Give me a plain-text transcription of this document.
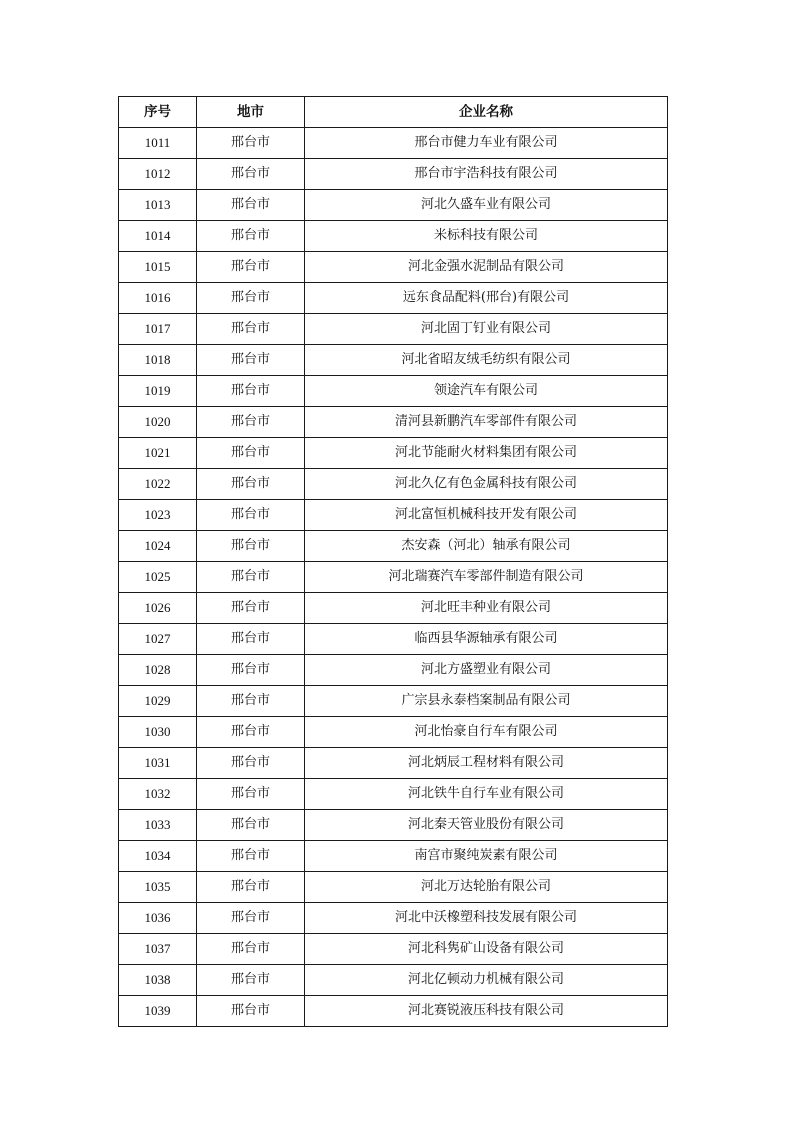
序号	地市	企业名称
1011	邢台市	邢台市健力车业有限公司
1012	邢台市	邢台市宇浩科技有限公司
1013	邢台市	河北久盛车业有限公司
1014	邢台市	米标科技有限公司
1015	邢台市	河北金强水泥制品有限公司
1016	邢台市	远东食品配料(邢台)有限公司
1017	邢台市	河北固丁钉业有限公司
1018	邢台市	河北省昭友绒毛纺织有限公司
1019	邢台市	领途汽车有限公司
1020	邢台市	清河县新鹏汽车零部件有限公司
1021	邢台市	河北节能耐火材料集团有限公司
1022	邢台市	河北久亿有色金属科技有限公司
1023	邢台市	河北富恒机械科技开发有限公司
1024	邢台市	杰安森（河北）轴承有限公司
1025	邢台市	河北瑞赛汽车零部件制造有限公司
1026	邢台市	河北旺丰种业有限公司
1027	邢台市	临西县华源轴承有限公司
1028	邢台市	河北方盛塑业有限公司
1029	邢台市	广宗县永泰档案制品有限公司
1030	邢台市	河北怡豪自行车有限公司
1031	邢台市	河北炳辰工程材料有限公司
1032	邢台市	河北铁牛自行车业有限公司
1033	邢台市	河北秦天管业股份有限公司
1034	邢台市	南宫市聚纯炭素有限公司
1035	邢台市	河北万达轮胎有限公司
1036	邢台市	河北中沃橡塑科技发展有限公司
1037	邢台市	河北科隽矿山设备有限公司
1038	邢台市	河北亿顿动力机械有限公司
1039	邢台市	河北赛锐液压科技有限公司
